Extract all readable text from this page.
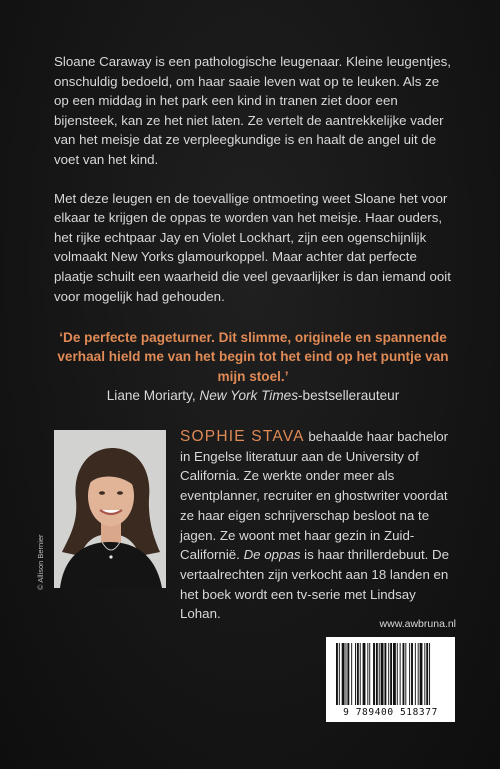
Sloane Caraway is een pathologische leugenaar. Kleine leugentjes, onschuldig bedoeld, om haar saaie leven wat op te leuken. Als ze op een middag in het park een kind in tranen ziet door een bijensteek, kan ze het niet laten. Ze vertelt de aantrekkelijke vader van het meisje dat ze verpleegkundige is en haalt de angel uit de voet van het kind.

Met deze leugen en de toevallige ontmoeting weet Sloane het voor elkaar te krijgen de oppas te worden van het meisje. Haar ouders, het rijke echtpaar Jay en Violet Lockhart, zijn een ogenschijnlijk volmaakt New Yorks glamourkoppel. Maar achter dat perfecte plaatje schuilt een waarheid die veel gevaarlijker is dan iemand ooit voor mogelijk had gehouden.

‘De perfecte pageturner. Dit slimme, originele en spannende verhaal hield me van het begin tot het eind op het puntje van mijn stoel.’

Liane Moriarty, New York Times-bestsellerauteur

© Allison Bernier
SOPHIE STAVA behaalde haar bachelor in Engelse literatuur aan de University of California. Ze werkte onder meer als eventplanner, recruiter en ghostwriter voordat ze haar eigen schrijverschap besloot na te jagen. Ze woont met haar gezin in Zuid-Californië. De oppas is haar thrillerdebuut. De vertaalrechten zijn verkocht aan 18 landen en het boek wordt een tv-serie met Lindsay Lohan.
www.awbruna.nl
9 789400 518377
